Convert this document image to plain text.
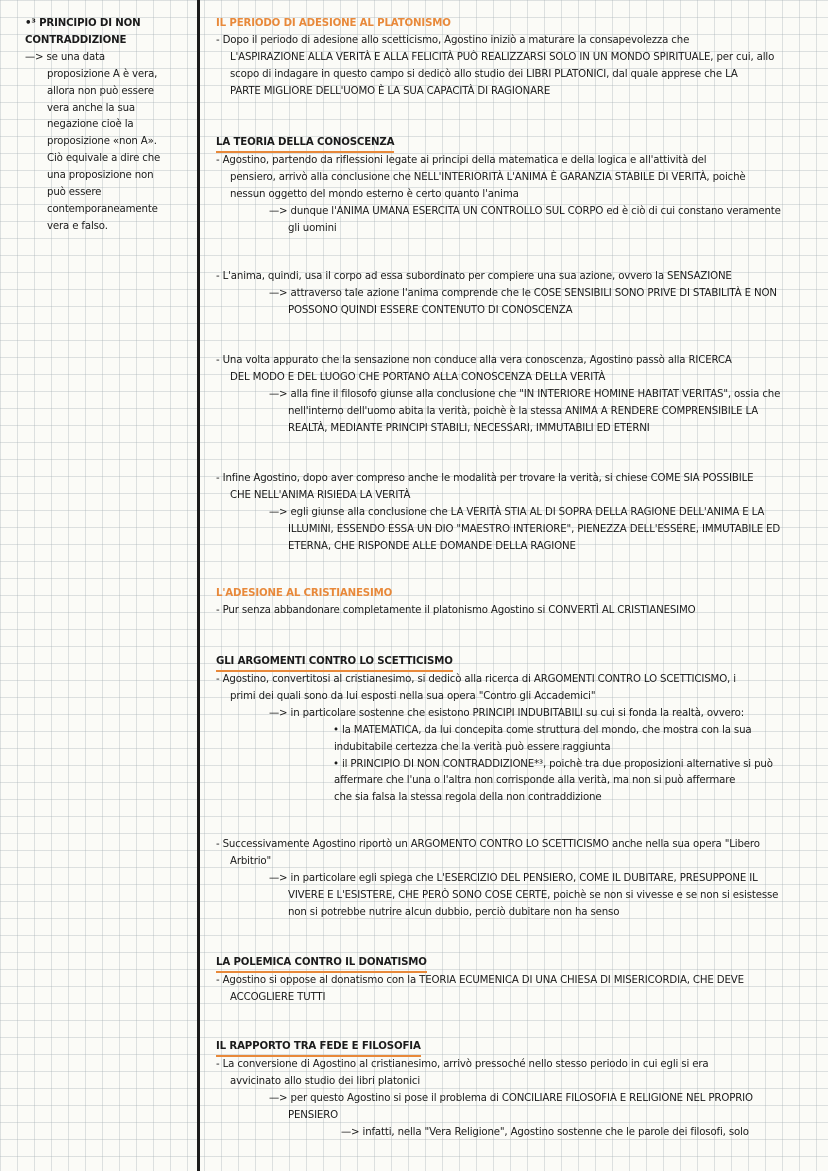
•³ PRINCIPIO DI NON
CONTRADDIZIONE
—> se una data
proposizione A è vera,
allora non può essere
vera anche la sua
negazione cioè la
proposizione «non A».
Ciò equivale a dire che
una proposizione non
può essere
contemporaneamente
vera e falso.
IL PERIODO DI ADESIONE AL PLATONISMO
- Dopo il periodo di adesione allo scetticismo, Agostino iniziò a maturare la consapevolezza che
L'ASPIRAZIONE ALLA VERITÀ E ALLA FELICITÀ PUÒ REALIZZARSI SOLO IN UN MONDO SPIRITUALE, per cui, allo
scopo di indagare in questo campo si dedicò allo studio dei LIBRI PLATONICI, dal quale apprese che LA
PARTE MIGLIORE DELL'UOMO È LA SUA CAPACITÀ DI RAGIONARE
LA TEORIA DELLA CONOSCENZA
- Agostino, partendo da riflessioni legate ai principi della matematica e della logica e all'attività del
pensiero, arrivò alla conclusione che NELL'INTERIORITÀ L'ANIMA È GARANZIA STABILE DI VERITÀ, poichè
nessun oggetto del mondo esterno è certo quanto l'anima
—> dunque l'ANIMA UMANA ESERCITA UN CONTROLLO SUL CORPO ed è ciò di cui constano veramente
gli uomini
- L'anima, quindi, usa il corpo ad essa subordinato per compiere una sua azione, ovvero la SENSAZIONE
—> attraverso tale azione l'anima comprende che le COSE SENSIBILI SONO PRIVE DI STABILITÀ E NON
POSSONO QUINDI ESSERE CONTENUTO DI CONOSCENZA
- Una volta appurato che la sensazione non conduce alla vera conoscenza, Agostino passò alla RICERCA
DEL MODO E DEL LUOGO CHE PORTANO ALLA CONOSCENZA DELLA VERITÀ
—> alla fine il filosofo giunse alla conclusione che "IN INTERIORE HOMINE HABITAT VERITAS", ossia che
nell'interno dell'uomo abita la verità, poichè è la stessa ANIMA A RENDERE COMPRENSIBILE LA
REALTÀ, MEDIANTE PRINCIPI STABILI, NECESSARI, IMMUTABILI ED ETERNI
- Infine Agostino, dopo aver compreso anche le modalità per trovare la verità, si chiese COME SIA POSSIBILE
CHE NELL'ANIMA RISIEDA LA VERITÀ
—> egli giunse alla conclusione che LA VERITÀ STIA AL DI SOPRA DELLA RAGIONE DELL'ANIMA E LA
ILLUMINI, ESSENDO ESSA UN DIO "MAESTRO INTERIORE", PIENEZZA DELL'ESSERE, IMMUTABILE ED
ETERNA, CHE RISPONDE ALLE DOMANDE DELLA RAGIONE
L'ADESIONE AL CRISTIANESIMO
- Pur senza abbandonare completamente il platonismo Agostino si CONVERTÌ AL CRISTIANESIMO
GLI ARGOMENTI CONTRO LO SCETTICISMO
- Agostino, convertitosi al cristianesimo, si dedicò alla ricerca di ARGOMENTI CONTRO LO SCETTICISMO, i
primi dei quali sono da lui esposti nella sua opera "Contro gli Accademici"
—> in particolare sostenne che esistono PRINCIPI INDUBITABILI su cui si fonda la realtà, ovvero:
• la MATEMATICA, da lui concepita come struttura del mondo, che mostra con la sua
indubitabile certezza che la verità può essere raggiunta
• il PRINCIPIO DI NON CONTRADDIZIONE*³, poichè tra due proposizioni alternative si può
affermare che l'una o l'altra non corrisponde alla verità, ma non si può affermare
che sia falsa la stessa regola della non contraddizione
- Successivamente Agostino riportò un ARGOMENTO CONTRO LO SCETTICISMO anche nella sua opera "Libero
Arbitrio"
—> in particolare egli spiega che L'ESERCIZIO DEL PENSIERO, COME IL DUBITARE, PRESUPPONE IL
VIVERE E L'ESISTERE, CHE PERÒ SONO COSE CERTE, poichè se non si vivesse e se non si esistesse
non si potrebbe nutrire alcun dubbio, perciò dubitare non ha senso
LA POLEMICA CONTRO IL DONATISMO
- Agostino si oppose al donatismo con la TEORIA ECUMENICA DI UNA CHIESA DI MISERICORDIA, CHE DEVE
ACCOGLIERE TUTTI
IL RAPPORTO TRA FEDE E FILOSOFIA
- La conversione di Agostino al cristianesimo, arrivò pressoché nello stesso periodo in cui egli si era
avvicinato allo studio dei libri platonici
—> per questo Agostino si pose il problema di CONCILIARE FILOSOFIA E RELIGIONE NEL PROPRIO
PENSIERO
—> infatti, nella "Vera Religione", Agostino sostenne che le parole dei filosofi, solo
